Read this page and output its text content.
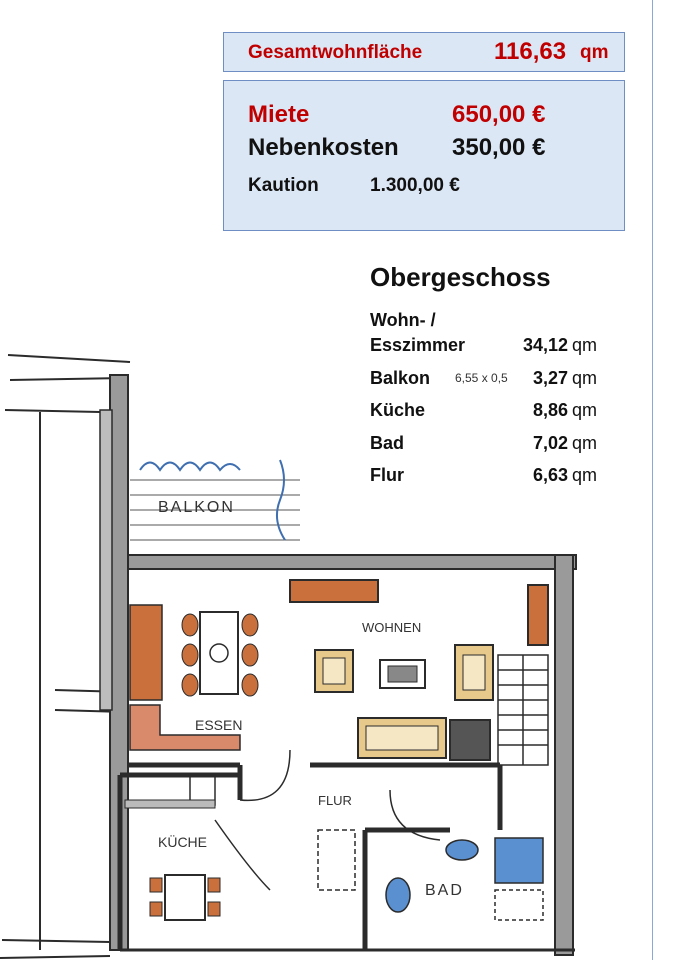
Gesamtwohnfläche	116,63 qm
Miete	650,00 €
Nebenkosten 350,00 €
Kaution	1.300,00 €
Obergeschoss
Wohn- /
Esszimmer	34,12 qm
Balkon 6,55 x 0,5	3,27 qm
Küche	8,86 qm
Bad	7,02 qm
Flur	6,63 qm
BALKON
ESSEN
WOHNEN
KÜCHE
FLUR
BAD
